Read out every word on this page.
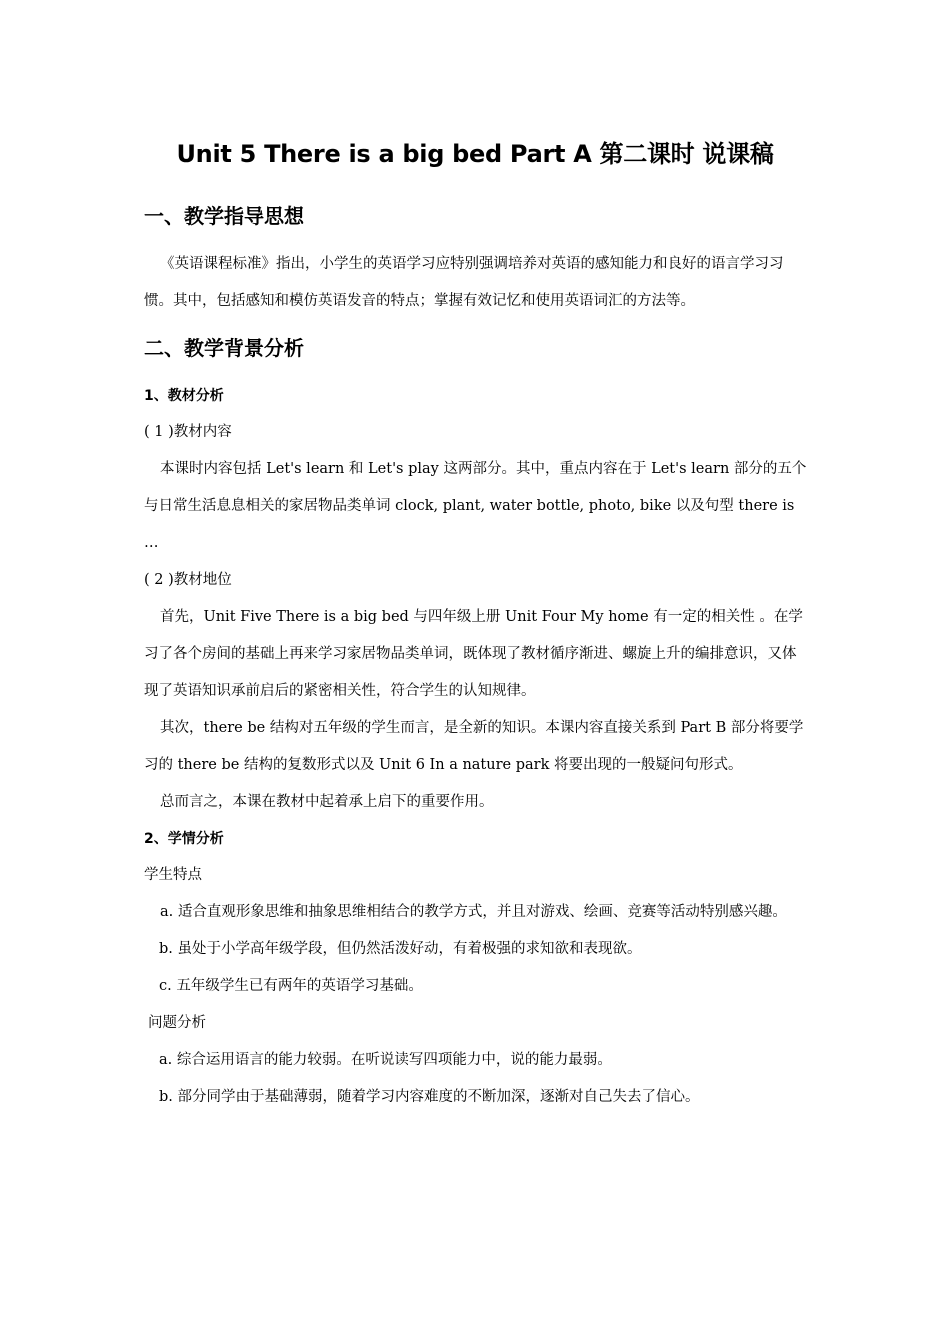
Unit 5 There is a big bed Part A 第二课时 说课稿
一、教学指导思想

《英语课程标准》指出，小学生的英语学习应特别强调培养对英语的感知能力和良好的语言学习习惯。其中，包括感知和模仿英语发音的特点；掌握有效记忆和使用英语词汇的方法等。

二、教学背景分析
1、教材分析

( 1 )教材内容

本课时内容包括 Let's learn 和 Let's play 这两部分。其中，重点内容在于 Let's learn 部分的五个与日常生活息息相关的家居物品类单词 clock, plant, water bottle, photo, bike 以及句型 there is …

( 2 )教材地位

首先，Unit Five There is a big bed 与四年级上册 Unit Four My home 有一定的相关性 。在学习了各个房间的基础上再来学习家居物品类单词，既体现了教材循序渐进、螺旋上升的编排意识，又体现了英语知识承前启后的紧密相关性，符合学生的认知规律。

其次，there be 结构对五年级的学生而言，是全新的知识。本课内容直接关系到 Part B 部分将要学习的 there be 结构的复数形式以及 Unit 6 In a nature park 将要出现的一般疑问句形式。

总而言之，本课在教材中起着承上启下的重要作用。

2、学情分析

学生特点

a. 适合直观形象思维和抽象思维相结合的教学方式，并且对游戏、绘画、竞赛等活动特别感兴趣。

b. 虽处于小学高年级学段，但仍然活泼好动，有着极强的求知欲和表现欲。

c. 五年级学生已有两年的英语学习基础。

问题分析

a. 综合运用语言的能力较弱。在听说读写四项能力中，说的能力最弱。

b. 部分同学由于基础薄弱，随着学习内容难度的不断加深，逐渐对自己失去了信心。
